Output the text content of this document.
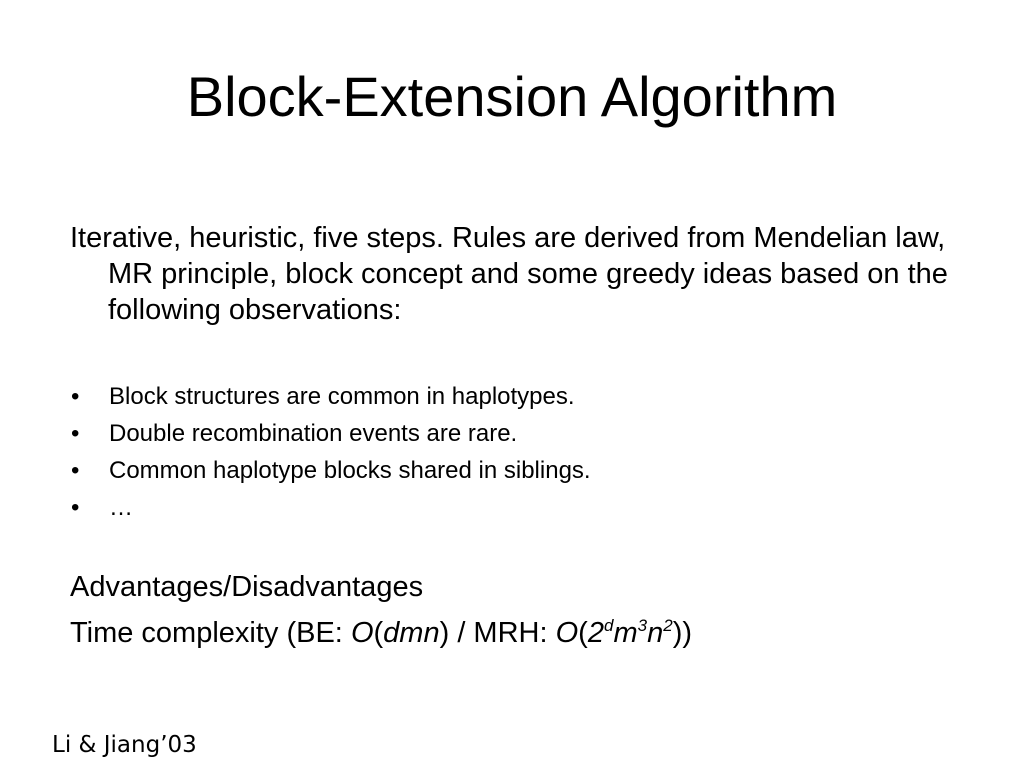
Block-Extension Algorithm

Iterative, heuristic, five steps. Rules are derived from Mendelian law, MR principle, block concept and some greedy ideas based on the following observations:

• Block structures are common in haplotypes.
• Double recombination events are rare.
• Common haplotype blocks shared in siblings.
• …

Advantages/Disadvantages

Time complexity (BE: O(dmn) / MRH: $O(2^dm^3n^2)$)

Li & Jiang’03
